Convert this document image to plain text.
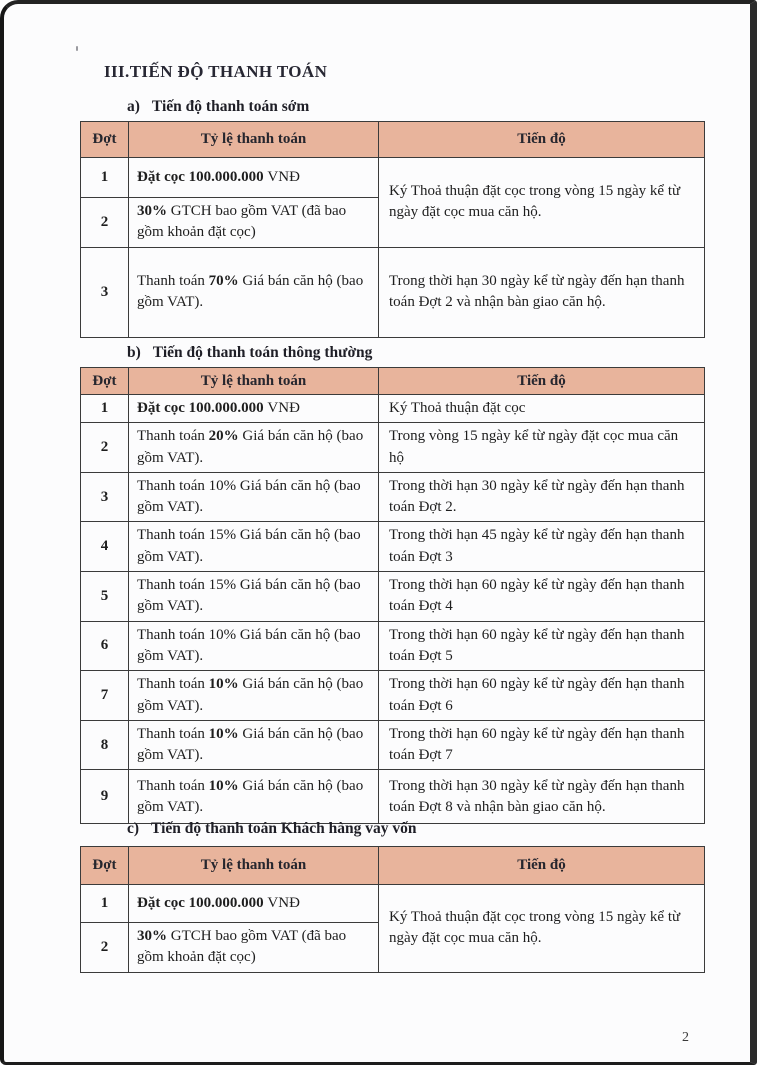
III.TIẾN ĐỘ THANH TOÁN
a) Tiến độ thanh toán sớm
Đợt	Tỷ lệ thanh toán	Tiến độ
1	Đặt cọc 100.000.000 VNĐ	Ký Thoả thuận đặt cọc trong vòng 15 ngày kể từ ngày đặt cọc mua căn hộ.
2	30% GTCH bao gồm VAT (đã bao gồm khoản đặt cọc)	
3	Thanh toán 70% Giá bán căn hộ (bao gồm VAT).	Trong thời hạn 30 ngày kể từ ngày đến hạn thanh toán Đợt 2 và nhận bàn giao căn hộ.
b) Tiến độ thanh toán thông thường
Đợt	Tỷ lệ thanh toán	Tiến độ
1	Đặt cọc 100.000.000 VNĐ	Ký Thoả thuận đặt cọc
2	Thanh toán 20% Giá bán căn hộ (bao gồm VAT).	Trong vòng 15 ngày kể từ ngày đặt cọc mua căn hộ
3	Thanh toán 10% Giá bán căn hộ (bao gồm VAT).	Trong thời hạn 30 ngày kể từ ngày đến hạn thanh toán Đợt 2.
4	Thanh toán 15% Giá bán căn hộ (bao gồm VAT).	Trong thời hạn 45 ngày kể từ ngày đến hạn thanh toán Đợt 3
5	Thanh toán 15% Giá bán căn hộ (bao gồm VAT).	Trong thời hạn 60 ngày kể từ ngày đến hạn thanh toán Đợt 4
6	Thanh toán 10% Giá bán căn hộ (bao gồm VAT).	Trong thời hạn 60 ngày kể từ ngày đến hạn thanh toán Đợt 5
7	Thanh toán 10% Giá bán căn hộ (bao gồm VAT).	Trong thời hạn 60 ngày kể từ ngày đến hạn thanh toán Đợt 6
8	Thanh toán 10% Giá bán căn hộ (bao gồm VAT).	Trong thời hạn 60 ngày kể từ ngày đến hạn thanh toán Đợt 7
9	Thanh toán 10% Giá bán căn hộ (bao gồm VAT).	Trong thời hạn 30 ngày kể từ ngày đến hạn thanh toán Đợt 8 và nhận bàn giao căn hộ.
c) Tiến độ thanh toán Khách hàng vay vốn
Đợt	Tỷ lệ thanh toán	Tiến độ
1	Đặt cọc 100.000.000 VNĐ	Ký Thoả thuận đặt cọc trong vòng 15 ngày kể từ ngày đặt cọc mua căn hộ.
2	30% GTCH bao gồm VAT (đã bao gồm khoản đặt cọc)	
2
